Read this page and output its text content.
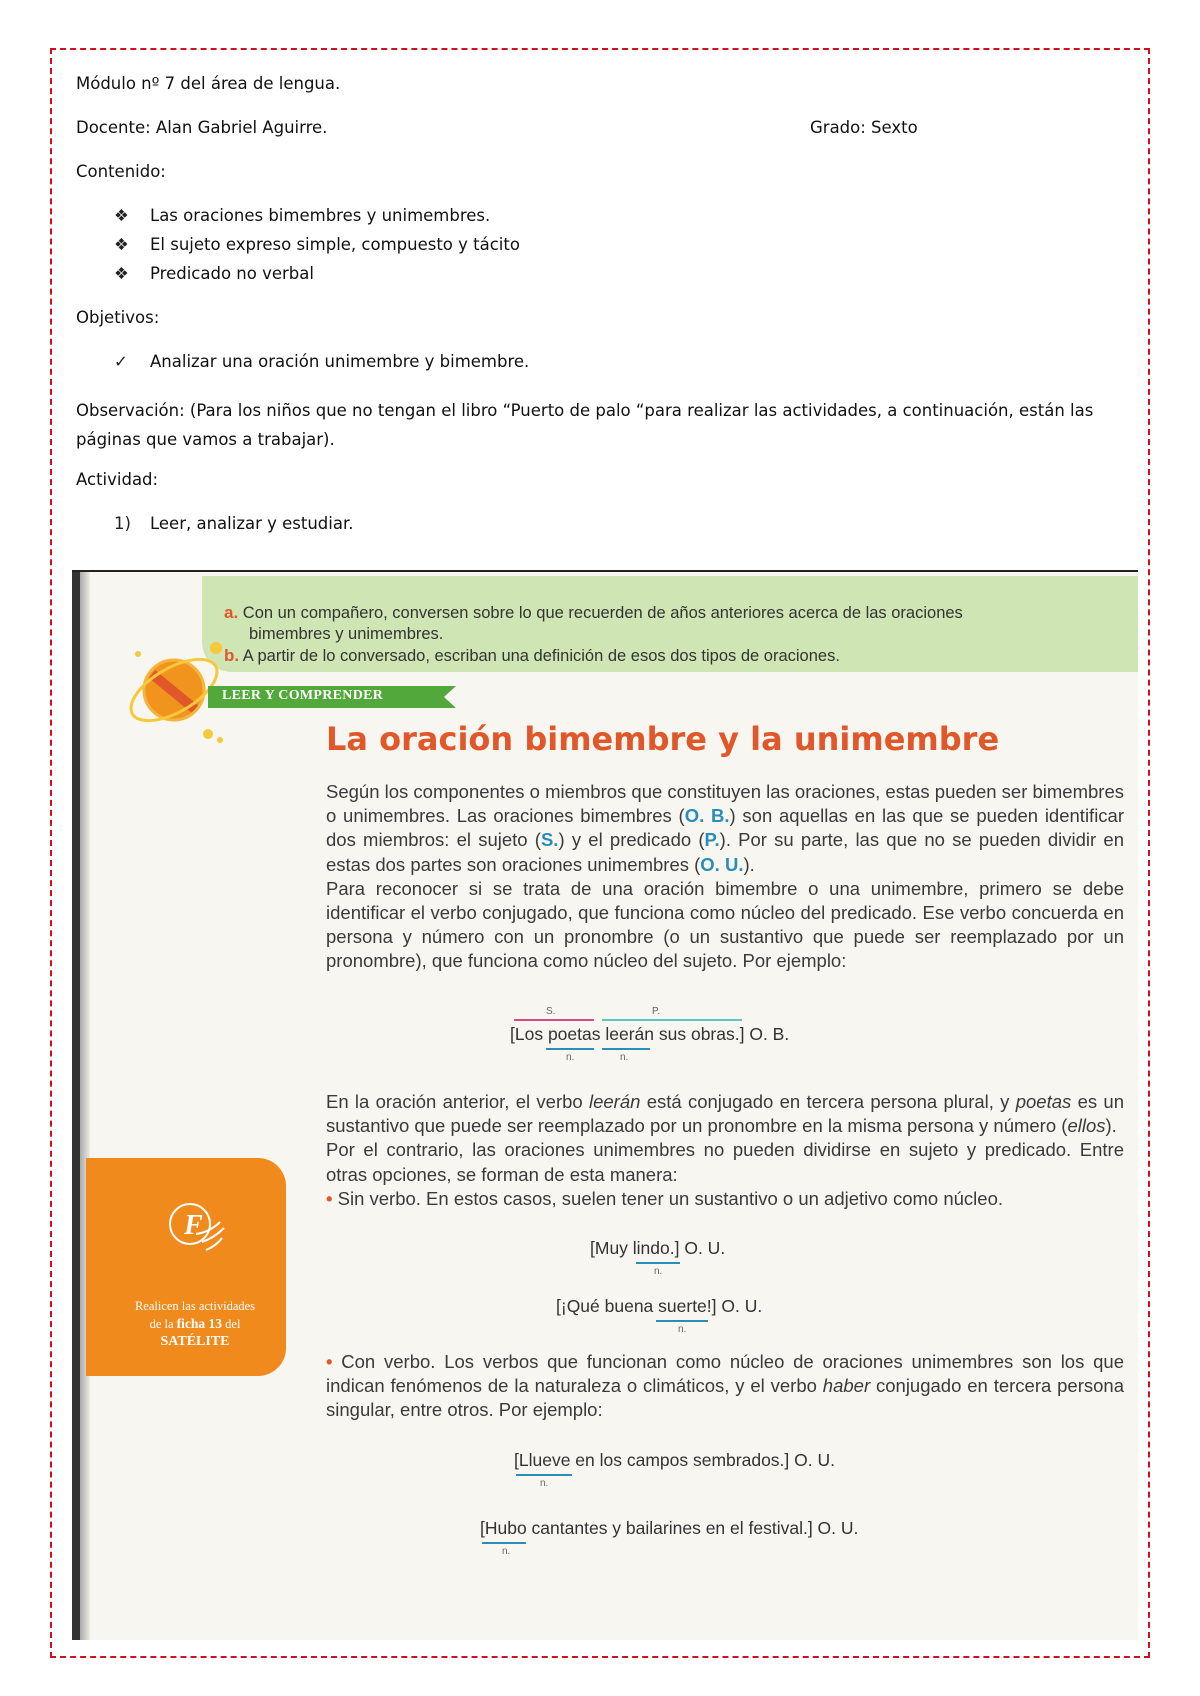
Módulo nº 7 del área de lengua.
Docente: Alan Gabriel Aguirre.	Grado: Sexto
Contenido:
❖ Las oraciones bimembres y unimembres.
❖ El sujeto expreso simple, compuesto y tácito
❖ Predicado no verbal
Objetivos:
✓ Analizar una oración unimembre y bimembre.
Observación: (Para los niños que no tengan el libro “Puerto de palo “para realizar las actividades, a continuación, están las páginas que vamos a trabajar).
Actividad:
1) Leer, analizar y estudiar.
a. Con un compañero, conversen sobre lo que recuerden de años anteriores acerca de las oraciones
bimembres y unimembres.
b. A partir de lo conversado, escriban una definición de esos dos tipos de oraciones.
LEER Y COMPRENDER
La oración bimembre y la unimembre
Según los componentes o miembros que constituyen las oraciones, estas pueden ser bimembres o unimembres. Las oraciones bimembres (O. B.) son aquellas en las que se pueden identificar dos miembros: el sujeto (S.) y el predicado (P.). Por su parte, las que no se pueden dividir en estas dos partes son oraciones unimembres (O. U.).
Para reconocer si se trata de una oración bimembre o una unimembre, primero se debe identificar el verbo conjugado, que funciona como núcleo del predicado. Ese verbo concuerda en persona y número con un pronombre (o un sustantivo que puede ser reemplazado por un pronombre), que funciona como núcleo del sujeto. Por ejemplo:
S.	P.
[Los poetas leerán sus obras.] O. B.
n.	n.
En la oración anterior, el verbo leerán está conjugado en tercera persona plural, y poetas es un sustantivo que puede ser reemplazado por un pronombre en la misma persona y número (ellos).
Por el contrario, las oraciones unimembres no pueden dividirse en sujeto y predicado. Entre otras opciones, se forman de esta manera:
• Sin verbo. En estos casos, suelen tener un sustantivo o un adjetivo como núcleo.
[Muy lindo.] O. U.
n.
[¡Qué buena suerte!] O. U.
n.
• Con verbo. Los verbos que funcionan como núcleo de oraciones unimembres son los que indican fenómenos de la naturaleza o climáticos, y el verbo haber conjugado en tercera persona singular, entre otros. Por ejemplo:
[Llueve en los campos sembrados.] O. U.
n.
[Hubo cantantes y bailarines en el festival.] O. U.
n.
F
Realicen las actividades
de la ficha 13 del
SATÉLITE
